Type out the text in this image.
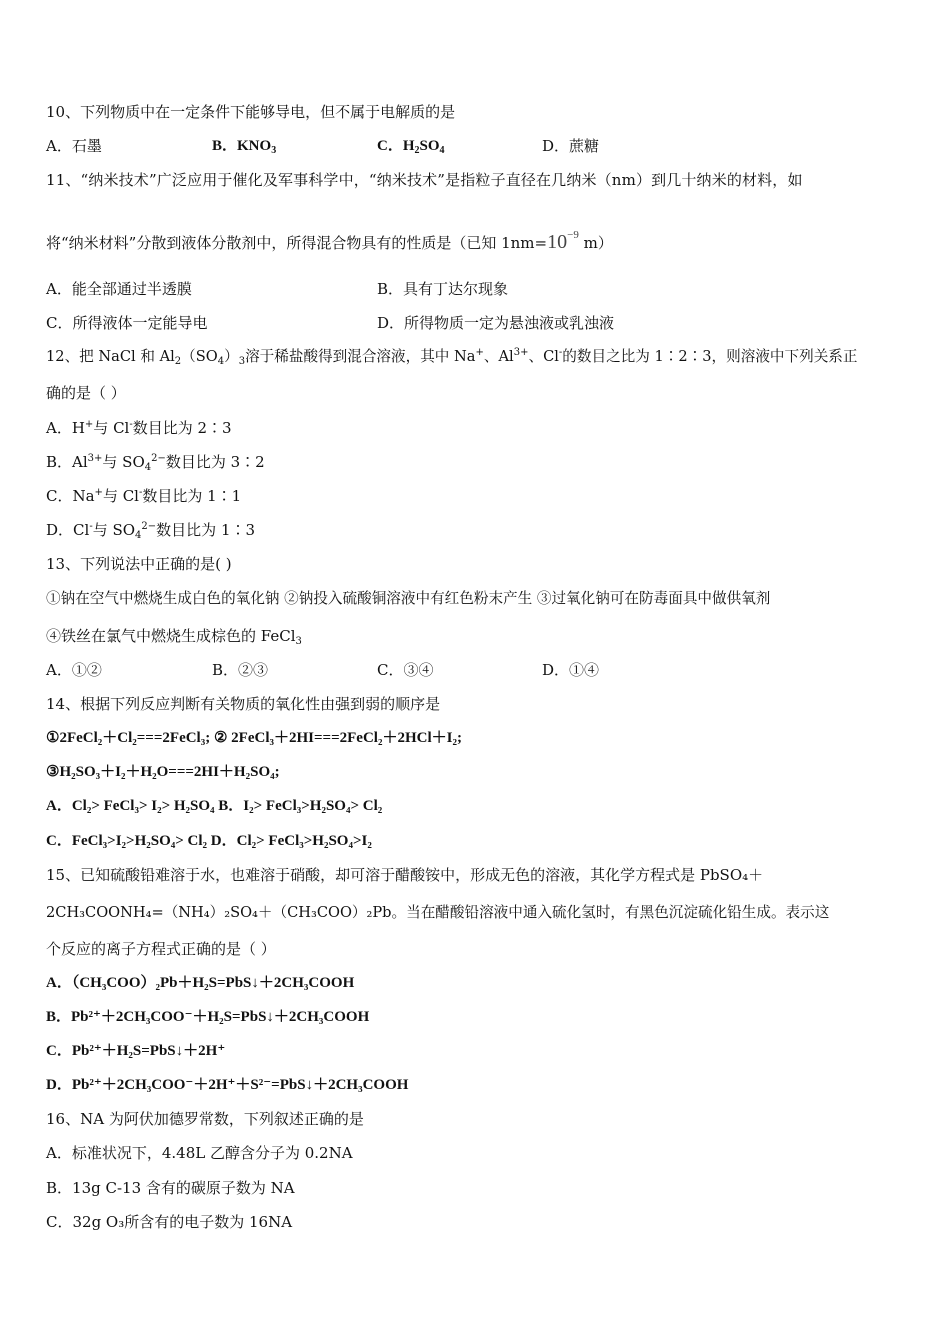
10、下列物质中在一定条件下能够导电，但不属于电解质的是
A．石墨	B．$KNO_3$	C．$H_2SO_4$	D．蔗糖
11、“纳米技术”广泛应用于催化及军事科学中，“纳米技术”是指粒子直径在几纳米（nm）到几十纳米的材料，如
将“纳米材料”分散到液体分散剂中，所得混合物具有的性质是（已知 $1nm=10^{-9}$ m）
A．能全部通过半透膜	B．具有丁达尔现象
C．所得液体一定能导电	D．所得物质一定为悬浊液或乳浊液
12、把 NaCl 和 $Al_2(SO_4)_3$溶于稀盐酸得到混合溶液，其中 Na+、$Al^{3+}$、Cl-的数目之比为 1∶2∶3，则溶液中下列关系正
确的是（ ）
A．H+与 Cl-数目比为 2∶3
B．$Al^{3+}$与 $SO_4^{2-}$数目比为 3∶2
C．Na+与 Cl-数目比为 1∶1
D．Cl-与 $SO_4^{2-}$数目比为 1∶3
13、下列说法中正确的是( )
①钠在空气中燃烧生成白色的氧化钠 ②钠投入硫酸铜溶液中有红色粉末产生 ③过氧化钠可在防毒面具中做供氧剂
④铁丝在氯气中燃烧生成棕色的 FeCl$_3$
A．①②	B．②③	C．③④	D．①④
14、根据下列反应判断有关物质的氧化性由强到弱的顺序是
①2FeCl₂＋Cl₂===2FeCl₃; ② 2FeCl₃＋2HI===2FeCl₂＋2HCl＋I₂;
③H₂SO₃＋I₂＋H₂O===2HI＋H₂SO₄;
A．Cl₂> FeCl₃> I₂> H₂SO₄ B．I₂> FeCl₃>H₂SO₄> Cl₂
C．FeCl₃>I₂>H₂SO₄> Cl₂ D．Cl₂> FeCl₃>H₂SO₄>I₂
15、已知硫酸铅难溶于水，也难溶于硝酸，却可溶于醋酸铵中，形成无色的溶液，其化学方程式是 PbSO₄＋
2CH₃COONH₄=（NH₄）₂SO₄＋（CH₃COO）₂Pb。当在醋酸铅溶液中通入硫化氢时，有黑色沉淀硫化铅生成。表示这
个反应的离子方程式正确的是（ ）
A．（CH₃COO）₂Pb＋H₂S=PbS↓＋2CH₃COOH
B．Pb²⁺＋2CH₃COO⁻＋H₂S=PbS↓＋2CH₃COOH
C．Pb²⁺＋H₂S=PbS↓＋2H⁺
D．Pb²⁺＋2CH₃COO⁻＋2H⁺＋S²⁻=PbS↓＋2CH₃COOH
16、NA 为阿伏加德罗常数，下列叙述正确的是
A．标准状况下，4.48L 乙醇含分子为 0.2NA
B．13g C-13 含有的碳原子数为 NA
C．32g O₃所含有的电子数为 16NA
